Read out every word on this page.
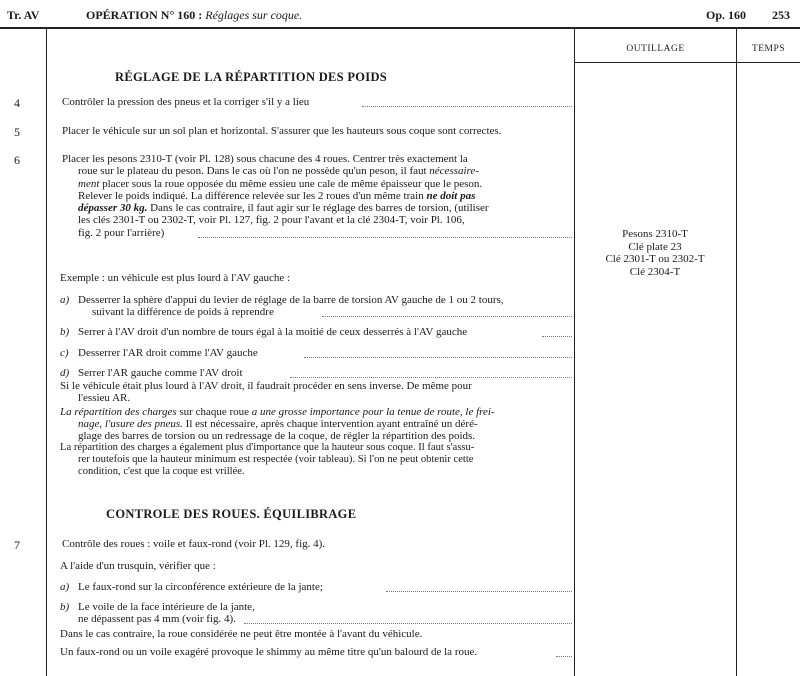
Tr. AV	OPÉRATION N° 160 : Réglages sur coque.	Op. 160 253
OUTILLAGE	TEMPS
RÉGLAGE DE LA RÉPARTITION DES POIDS
4	Contrôler la pression des pneus et la corriger s'il y a lieu
5	Placer le véhicule sur un sol plan et horizontal. S'assurer que les hauteurs sous coque sont correctes.
6	Placer les pesons 2310-T (voir Pl. 128) sous chacune des 4 roues. Centrer très exactement la
roue sur le plateau du peson. Dans le cas où l'on ne possède qu'un peson, il faut nécessaire-
ment placer sous la roue opposée du même essieu une cale de même épaisseur que le peson.
Relever le poids indiqué. La différence relevée sur les 2 roues d'un même train ne doit pas
dépasser 30 kg. Dans le cas contraire, il faut agir sur le réglage des barres de torsion, (utiliser
les clés 2301-T ou 2302-T, voir Pl. 127, fig. 2 pour l'avant et la clé 2304-T, voir Pl. 106,
fig. 2 pour l'arrière)	Pesons 2310-T
Clé plate 23
Clé 2301-T ou 2302-T
Clé 2304-T
Exemple : un véhicule est plus lourd à l'AV gauche :
a) Desserrer la sphère d'appui du levier de réglage de la barre de torsion AV gauche de 1 ou 2 tours,
suivant la différence de poids à reprendre
b) Serrer à l'AV droit d'un nombre de tours égal à la moitié de ceux desserrés à l'AV gauche
c) Desserrer l'AR droit comme l'AV gauche
d) Serrer l'AR gauche comme l'AV droit
Si le véhicule était plus lourd à l'AV droit, il faudrait procéder en sens inverse. De même pour
l'essieu AR.
La répartition des charges sur chaque roue a une grosse importance pour la tenue de route, le frei-
nage, l'usure des pneus. Il est nécessaire, après chaque intervention ayant entraîné un déré-
glage des barres de torsion ou un redressage de la coque, de régler la répartition des poids.
La répartition des charges a également plus d'importance que la hauteur sous coque. Il faut s'assu-
rer toutefois que la hauteur minimum est respectée (voir tableau). Si l'on ne peut obtenir cette
condition, c'est que la coque est vrillée.
CONTROLE DES ROUES. ÉQUILIBRAGE
7	Contrôle des roues : voile et faux-rond (voir Pl. 129, fig. 4).
A l'aide d'un trusquin, vérifier que :
a) Le faux-rond sur la circonférence extérieure de la jante;
b) Le voile de la face intérieure de la jante,
ne dépassent pas 4 mm (voir fig. 4).
Dans le cas contraire, la roue considérée ne peut être montée à l'avant du véhicule.
Un faux-rond ou un voile exagéré provoque le shimmy au même titre qu'un balourd de la roue.
